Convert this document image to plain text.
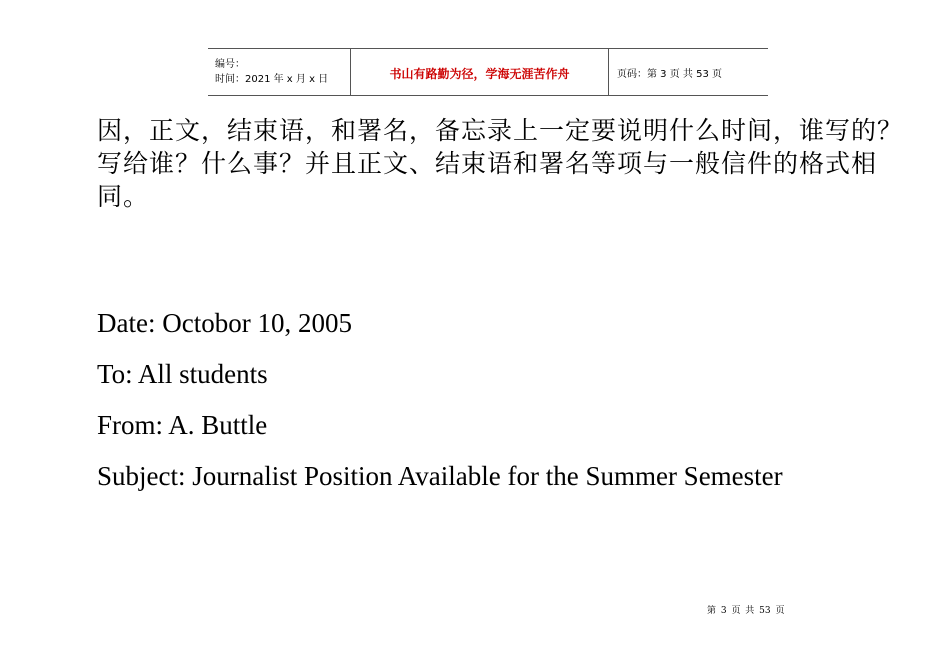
编号：
时间：2021 年 x 月 x 日	书山有路勤为径，学海无涯苦作舟	页码：第 3 页 共 53 页

因，正文，结束语，和署名，备忘录上一定要说明什么时间，谁写的？写给谁？什么事？并且正文、结束语和署名等项与一般信件的格式相同。

Date: Octobor 10, 2005
To: All students
From: A. Buttle
Subject: Journalist Position Available for the Summer Semester
第 3 页 共 53 页
